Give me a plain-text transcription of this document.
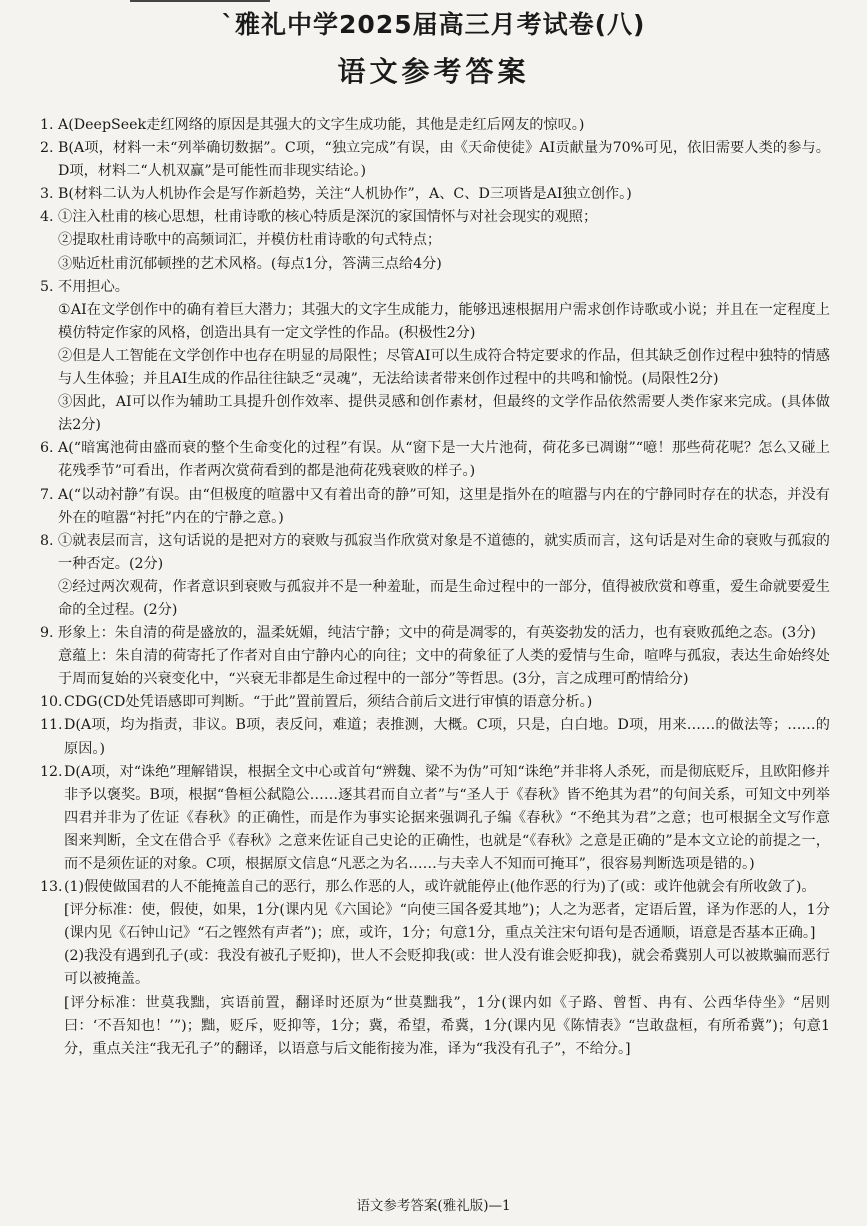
`雅礼中学2025届高三月考试卷(八)
语文参考答案
1. A(DeepSeek走红网络的原因是其强大的文字生成功能，其他是走红后网友的惊叹。)
2. B(A项，材料一未“列举确切数据”。C项，“独立完成”有误，由《天命使徒》AI贡献量为70%可见，依旧需要人类的参与。D项，材料二“人机双赢”是可能性而非现实结论。)
3. B(材料二认为人机协作会是写作新趋势，关注“人机协作”，A、C、D三项皆是AI独立创作。)
4. ①注入杜甫的核心思想，杜甫诗歌的核心特质是深沉的家国情怀与对社会现实的观照；
②提取杜甫诗歌中的高频词汇，并模仿杜甫诗歌的句式特点；
③贴近杜甫沉郁顿挫的艺术风格。(每点1分，答满三点给4分)
5. 不用担心。
①AI在文学创作中的确有着巨大潜力；其强大的文字生成能力，能够迅速根据用户需求创作诗歌或小说；并且在一定程度上模仿特定作家的风格，创造出具有一定文学性的作品。(积极性2分)
②但是人工智能在文学创作中也存在明显的局限性；尽管AI可以生成符合特定要求的作品，但其缺乏创作过程中独特的情感与人生体验；并且AI生成的作品往往缺乏“灵魂”，无法给读者带来创作过程中的共鸣和愉悦。(局限性2分)
③因此，AI可以作为辅助工具提升创作效率、提供灵感和创作素材，但最终的文学作品依然需要人类作家来完成。(具体做法2分)
6. A(“暗寓池荷由盛而衰的整个生命变化的过程”有误。从“窗下是一大片池荷，荷花多已凋谢”“噫！那些荷花呢？怎么又碰上花残季节”可看出，作者两次赏荷看到的都是池荷花残衰败的样子。)
7. A(“以动衬静”有误。由“但极度的喧嚣中又有着出奇的静”可知，这里是指外在的喧嚣与内在的宁静同时存在的状态，并没有外在的喧嚣“衬托”内在的宁静之意。)
8. ①就表层而言，这句话说的是把对方的衰败与孤寂当作欣赏对象是不道德的，就实质而言，这句话是对生命的衰败与孤寂的一种否定。(2分)
②经过两次观荷，作者意识到衰败与孤寂并不是一种羞耻，而是生命过程中的一部分，值得被欣赏和尊重，爱生命就要爱生命的全过程。(2分)
9. 形象上：朱自清的荷是盛放的，温柔妩媚，纯洁宁静；文中的荷是凋零的，有英姿勃发的活力，也有衰败孤绝之态。(3分)
意蕴上：朱自清的荷寄托了作者对自由宁静内心的向往；文中的荷象征了人类的爱情与生命，喧哗与孤寂，表达生命始终处于周而复始的兴衰变化中，“兴衰无非都是生命过程中的一部分”等哲思。(3分，言之成理可酌情给分)
10. CDG(CD处凭语感即可判断。“于此”置前置后，须结合前后文进行审慎的语意分析。)
11. D(A项，均为指责，非议。B项，表反问，难道；表推测，大概。C项，只是，白白地。D项，用来……的做法等；……的原因。)
12. D(A项，对“诛绝”理解错误，根据全文中心或首句“辨魏、梁不为伪”可知“诛绝”并非将人杀死，而是彻底贬斥，且欧阳修并非予以褒奖。B项，根据“鲁桓公弑隐公……逐其君而自立者”与“圣人于《春秋》皆不绝其为君”的句间关系，可知文中列举四君并非为了佐证《春秋》的正确性，而是作为事实论据来强调孔子编《春秋》“不绝其为君”之意；也可根据全文写作意图来判断，全文在借合乎《春秋》之意来佐证自己史论的正确性，也就是“《春秋》之意是正确的”是本文立论的前提之一，而不是须佐证的对象。C项，根据原文信息“凡恶之为名……与夫幸人不知而可掩耳”，很容易判断选项是错的。)
13. (1)假使做国君的人不能掩盖自己的恶行，那么作恶的人，或许就能停止(他作恶的行为)了(或：或许他就会有所收敛了)。
[评分标准：使，假使，如果，1分(课内见《六国论》“向使三国各爱其地”)；人之为恶者，定语后置，译为作恶的人，1分(课内见《石钟山记》“石之铿然有声者”)；庶，或许，1分；句意1分，重点关注宋句语句是否通顺，语意是否基本正确。]
(2)我没有遇到孔子(或：我没有被孔子贬抑)，世人不会贬抑我(或：世人没有谁会贬抑我)，就会希冀别人可以被欺骗而恶行可以被掩盖。
[评分标准：世莫我黜，宾语前置，翻译时还原为“世莫黜我”，1分(课内如《子路、曾皙、冉有、公西华侍坐》“居则曰：‘不吾知也！’”)；黜，贬斥，贬抑等，1分；冀，希望，希冀，1分(课内见《陈情表》“岂敢盘桓，有所希冀”)；句意1分，重点关注“我无孔子”的翻译，以语意与后文能衔接为准，译为“我没有孔子”，不给分。]
语文参考答案(雅礼版)—1
